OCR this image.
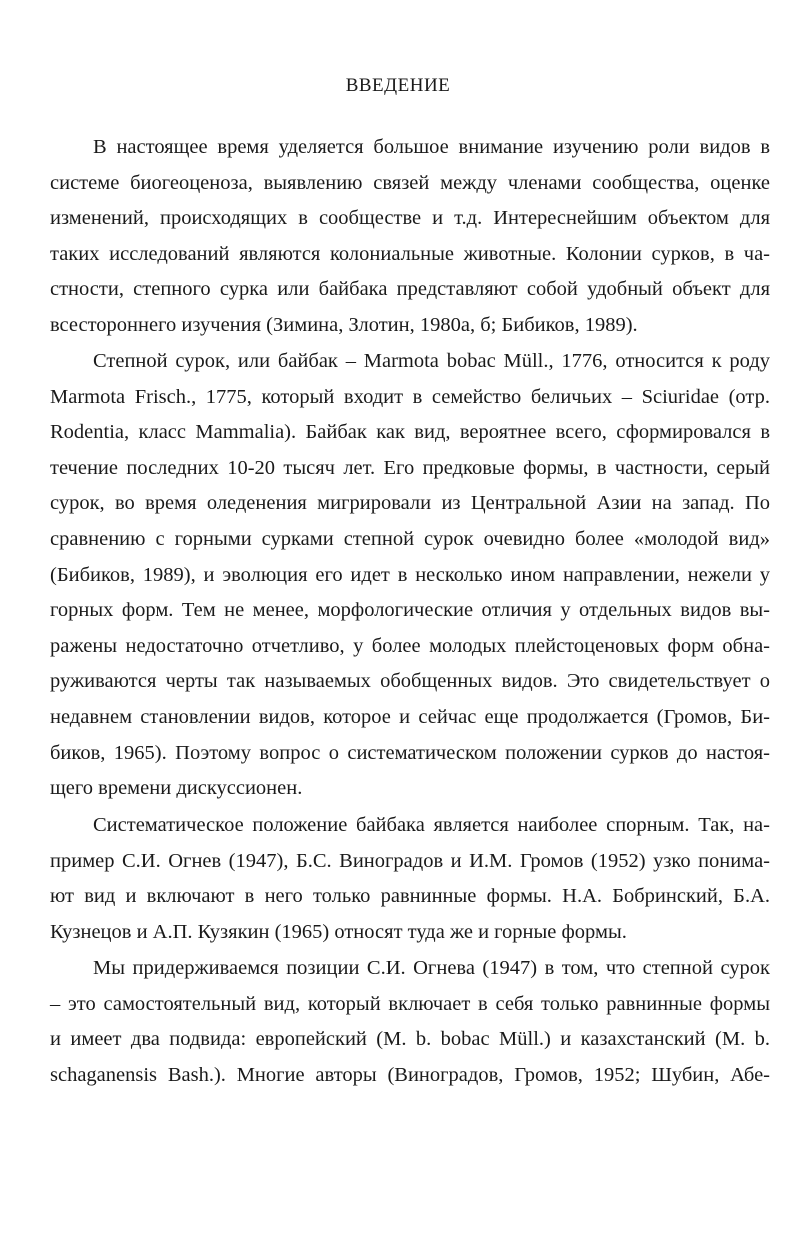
ВВЕДЕНИЕ
В настоящее время уделяется большое внимание изучению роли видов в
системе биогеоценоза, выявлению связей между членами сообщества, оценке
изменений, происходящих в сообществе и т.д. Интереснейшим объектом для
таких исследований являются колониальные животные. Колонии сурков, в ча-
стности, степного сурка или байбака представляют собой удобный объект для
всестороннего изучения (Зимина, Злотин, 1980а, б; Бибиков, 1989).
Степной сурок, или байбак – Marmota bobac Müll., 1776, относится к роду
Marmota Frisch., 1775, который входит в семейство беличьих – Sciuridae (отр.
Rodentia, класс Mammalia). Байбак как вид, вероятнее всего, сформировался в
течение последних 10-20 тысяч лет. Его предковые формы, в частности, серый
сурок, во время оледенения мигрировали из Центральной Азии на запад. По
сравнению с горными сурками степной сурок очевидно более «молодой вид»
(Бибиков, 1989), и эволюция его идет в несколько ином направлении, нежели у
горных форм. Тем не менее, морфологические отличия у отдельных видов вы-
ражены недостаточно отчетливо, у более молодых плейстоценовых форм обна-
руживаются черты так называемых обобщенных видов. Это свидетельствует о
недавнем становлении видов, которое и сейчас еще продолжается (Громов, Би-
биков, 1965). Поэтому вопрос о систематическом положении сурков до настоя-
щего времени дискуссионен.
Систематическое положение байбака является наиболее спорным. Так, на-
пример С.И. Огнев (1947), Б.С. Виноградов и И.М. Громов (1952) узко понима-
ют вид и включают в него только равнинные формы. Н.А. Бобринский, Б.А.
Кузнецов и А.П. Кузякин (1965) относят туда же и горные формы.
Мы придерживаемся позиции С.И. Огнева (1947) в том, что степной сурок
– это самостоятельный вид, который включает в себя только равнинные формы
и имеет два подвида: европейский (M. b. bobac Müll.) и казахстанский (M. b.
schaganensis Bash.). Многие авторы (Виноградов, Громов, 1952; Шубин, Абе-
